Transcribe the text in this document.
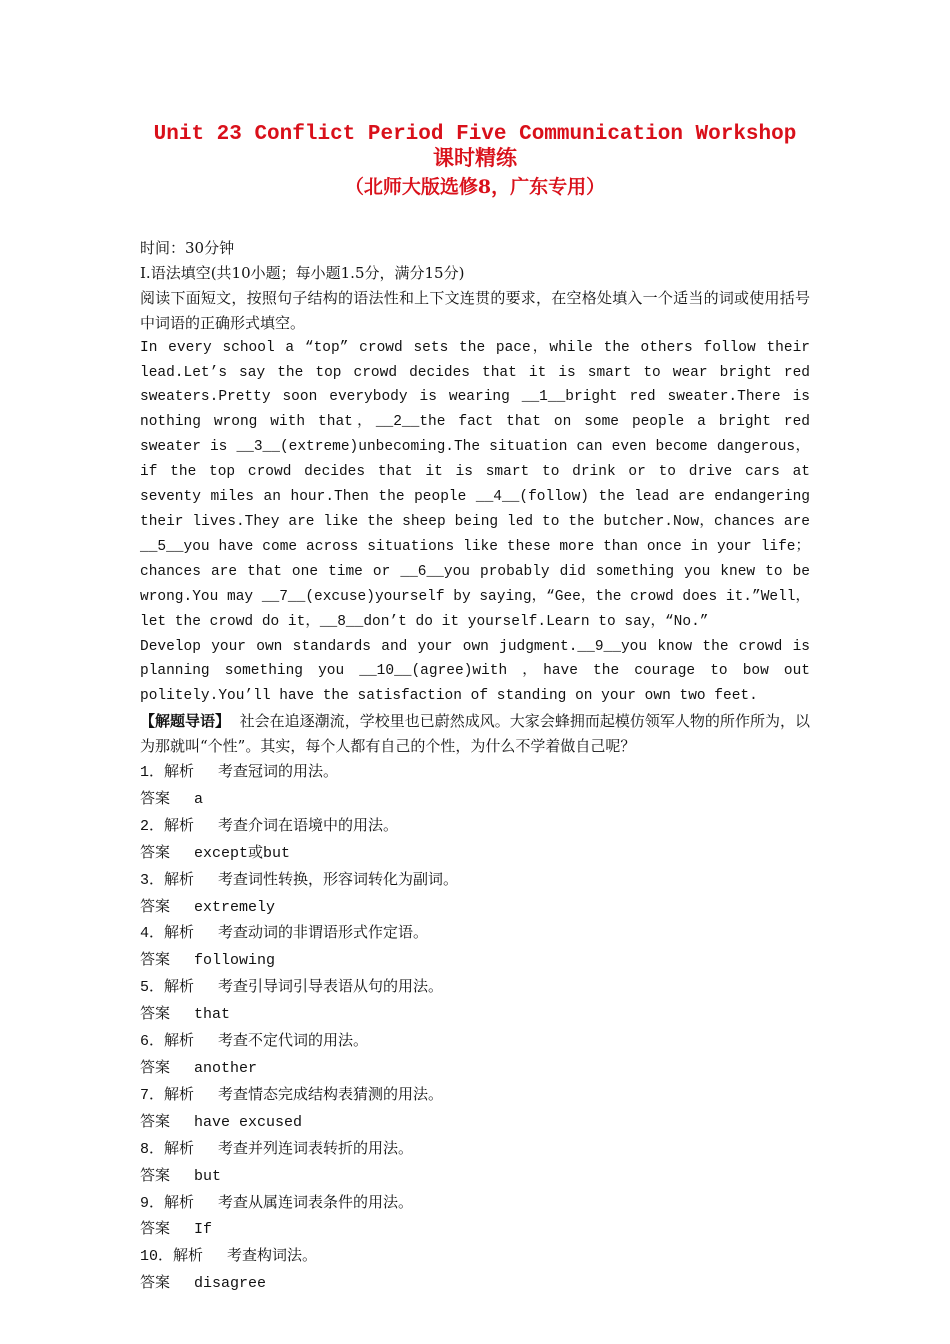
Unit 23 Conflict Period Five Communication Workshop 课时精练
（北师大版选修8，广东专用）

时间：30分钟

Ⅰ.语法填空(共10小题；每小题1.5分，满分15分)

阅读下面短文，按照句子结构的语法性和上下文连贯的要求，在空格处填入一个适当的词或使用括号中词语的正确形式填空。

In every school a “top” crowd sets the pace，while the others follow their lead.Let’s say the top crowd decides that it is smart to wear bright red sweaters.Pretty soon everybody is wearing __1__bright red sweater.There is nothing wrong with that，__2__the fact that on some people a bright red sweater is __3__(extreme)unbecoming.The situation can even become dangerous，if the top crowd decides that it is smart to drink or to drive cars at seventy miles an hour.Then the people __4__(follow) the lead are endangering their lives.They are like the sheep being led to the butcher.Now，chances are __5__you have come across situations like these more than once in your life；chances are that one time or __6__you probably did something you knew to be wrong.You may __7__(excuse)yourself by saying，“Gee，the crowd does it.”Well，let the crowd do it，__8__don’t do it yourself.Learn to say，“No.”

Develop your own standards and your own judgment.__9__you know the crowd is planning something you __10__(agree)with ，have the courage to bow out politely.You’ll have the satisfaction of standing on your own two feet.

【解题导语】 社会在追逐潮流，学校里也已蔚然成风。大家会蜂拥而起模仿领军人物的所作所为，以为那就叫“个性”。其实，每个人都有自己的个性，为什么不学着做自己呢？

1．解析 考查冠词的用法。

答案 a

2．解析 考查介词在语境中的用法。

答案 except或but

3．解析 考查词性转换，形容词转化为副词。

答案 extremely

4．解析 考查动词的非谓语形式作定语。

答案 following

5．解析 考查引导词引导表语从句的用法。

答案 that

6．解析 考查不定代词的用法。

答案 another

7．解析 考查情态完成结构表猜测的用法。

答案 have excused

8．解析 考查并列连词表转折的用法。

答案 but

9．解析 考查从属连词表条件的用法。

答案 If

10．解析 考查构词法。

答案 disagree
